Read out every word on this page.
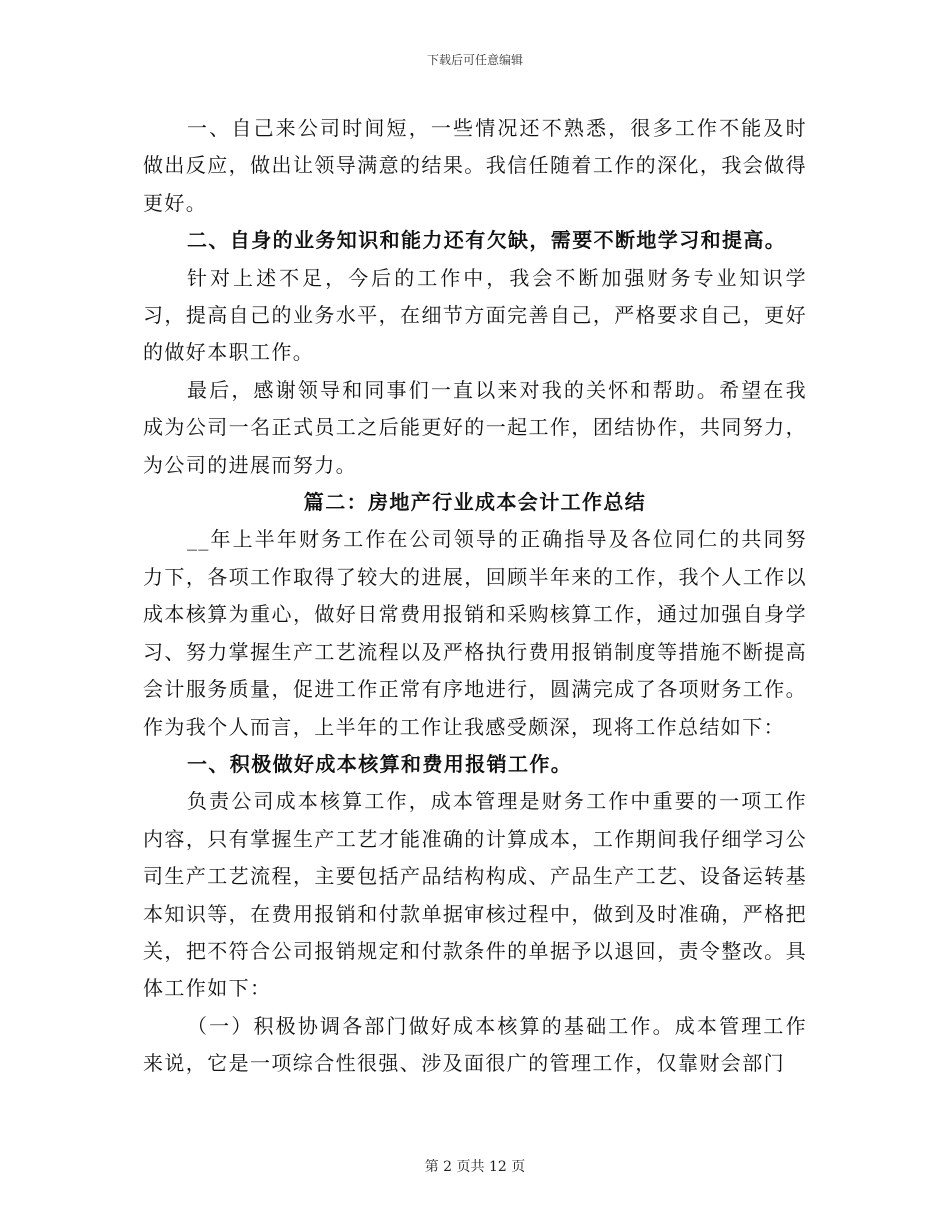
下载后可任意编辑

一、自己来公司时间短，一些情况还不熟悉，很多工作不能及时做出反应，做出让领导满意的结果。我信任随着工作的深化，我会做得更好。

二、自身的业务知识和能力还有欠缺，需要不断地学习和提高。

针对上述不足，今后的工作中，我会不断加强财务专业知识学习，提高自己的业务水平，在细节方面完善自己，严格要求自己，更好的做好本职工作。

最后，感谢领导和同事们一直以来对我的关怀和帮助。希望在我成为公司一名正式员工之后能更好的一起工作，团结协作，共同努力，为公司的进展而努力。

篇二：房地产行业成本会计工作总结

__年上半年财务工作在公司领导的正确指导及各位同仁的共同努力下，各项工作取得了较大的进展，回顾半年来的工作，我个人工作以成本核算为重心，做好日常费用报销和采购核算工作，通过加强自身学习、努力掌握生产工艺流程以及严格执行费用报销制度等措施不断提高会计服务质量，促进工作正常有序地进行，圆满完成了各项财务工作。作为我个人而言，上半年的工作让我感受颇深，现将工作总结如下：

一、积极做好成本核算和费用报销工作。

负责公司成本核算工作，成本管理是财务工作中重要的一项工作内容，只有掌握生产工艺才能准确的计算成本，工作期间我仔细学习公司生产工艺流程，主要包括产品结构构成、产品生产工艺、设备运转基本知识等，在费用报销和付款单据审核过程中，做到及时准确，严格把关，把不符合公司报销规定和付款条件的单据予以退回，责令整改。具体工作如下：

（一）积极协调各部门做好成本核算的基础工作。成本管理工作来说，它是一项综合性很强、涉及面很广的管理工作，仅靠财会部门

第 2 页共 12 页
